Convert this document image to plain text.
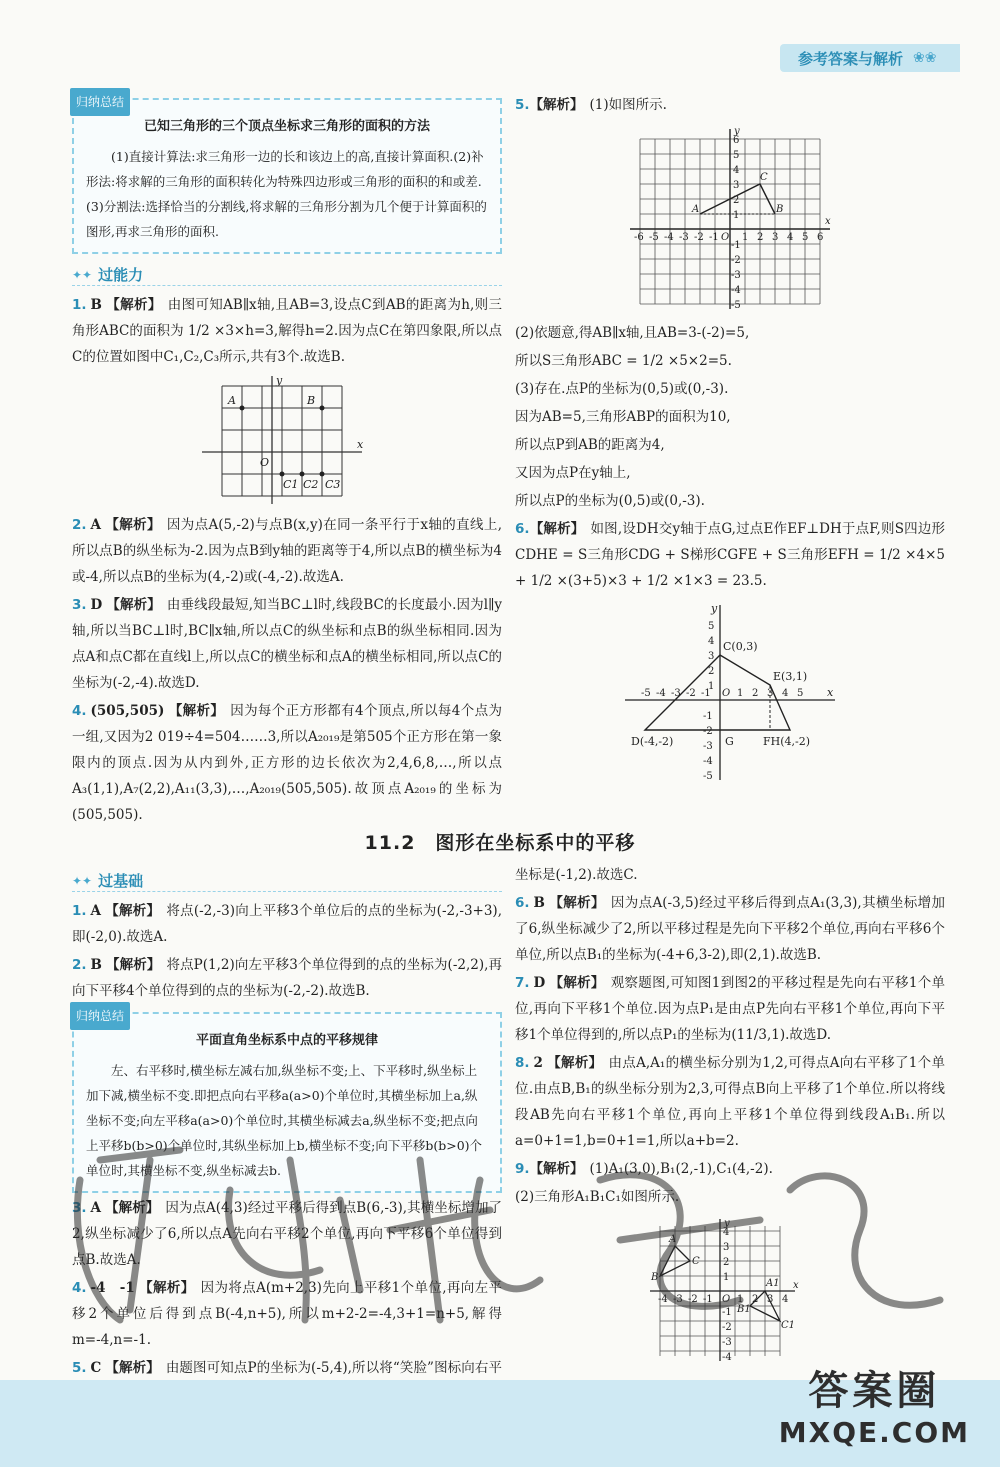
参考答案与解析 ❀❀
归纳总结
已知三角形的三个顶点坐标求三角形的面积的方法
(1)直接计算法:求三角形一边的长和该边上的高,直接计算面积.(2)补形法:将求解的三角形的面积转化为特殊四边形或三角形的面积的和或差.(3)分割法:选择恰当的分割线,将求解的三角形分割为几个便于计算面积的图形,再求三角形的面积.
✦✦ 过能力
1. B 【解析】 由图可知AB∥x轴,且AB=3,设点C到AB的距离为h,则三角形ABC的面积为 1/2 ×3×h=3,解得h=2.因为点C在第四象限,所以点C的位置如图中C₁,C₂,C₃所示,共有3个.故选B.
y
x
O
A	B
C1 C2 C3
2. A 【解析】 因为点A(5,-2)与点B(x,y)在同一条平行于x轴的直线上,所以点B的纵坐标为-2.因为点B到y轴的距离等于4,所以点B的横坐标为4或-4,所以点B的坐标为(4,-2)或(-4,-2).故选A.
3. D 【解析】 由垂线段最短,知当BC⊥l时,线段BC的长度最小.因为l∥y轴,所以当BC⊥l时,BC∥x轴,所以点C的纵坐标和点B的纵坐标相同.因为点A和点C都在直线l上,所以点C的横坐标和点A的横坐标相同,所以点C的坐标为(-2,-4).故选D.
4. (505,505) 【解析】 因为每个正方形都有4个顶点,所以每4个点为一组,又因为2 019÷4=504……3,所以A₂₀₁₉是第505个正方形在第一象限内的顶点.因为从内到外,正方形的边长依次为2,4,6,8,…,所以点A₃(1,1),A₇(2,2),A₁₁(3,3),…,A₂₀₁₉(505,505).故顶点A₂₀₁₉的坐标为(505,505).
5.【解析】 (1)如图所示.
y
x
O
A	B
C
-6 -5 -4 -3 -2 -1 1 2 3 4 5 6
6
5
4
3
2
1
-1
-2
-3
-4
-5
(2)依题意,得AB∥x轴,且AB=3-(-2)=5,
所以S三角形ABC = 1/2 ×5×2=5.
(3)存在.点P的坐标为(0,5)或(0,-3).
因为AB=5,三角形ABP的面积为10,
所以点P到AB的距离为4,
又因为点P在y轴上,
所以点P的坐标为(0,5)或(0,-3).
6.【解析】 如图,设DH交y轴于点G,过点E作EF⊥DH于点F,则S四边形CDHE = S三角形CDG + S梯形CGFE + S三角形EFH = 1/2 ×4×5 + 1/2 ×(3+5)×3 + 1/2 ×1×3 = 23.5.
y
x
C(0,3)
E(3,1)
D(-4,-2)	G	FH(4,-2)
-5 -4 -3 -2 -1 O 1 2 3 4 5
5
4
3
2
1
-1
-2
-3
-4
-5
11.2　图形在坐标系中的平移
✦✦ 过基础
1. A 【解析】 将点(-2,-3)向上平移3个单位后的点的坐标为(-2,-3+3),即(-2,0).故选A.
2. B 【解析】 将点P(1,2)向左平移3个单位得到的点的坐标为(-2,2),再向下平移4个单位得到的点的坐标为(-2,-2).故选B.
归纳总结
平面直角坐标系中点的平移规律
左、右平移时,横坐标左减右加,纵坐标不变;上、下平移时,纵坐标上加下减,横坐标不变.即把点向右平移a(a>0)个单位时,其横坐标加上a,纵坐标不变;向左平移a(a>0)个单位时,其横坐标减去a,纵坐标不变;把点向上平移b(b>0)个单位时,其纵坐标加上b,横坐标不变;向下平移b(b>0)个单位时,其横坐标不变,纵坐标减去b.
3. A 【解析】 因为点A(4,3)经过平移后得到点B(6,-3),其横坐标增加了2,纵坐标减少了6,所以点A先向右平移2个单位,再向下平移6个单位得到点B.故选A.
4. -4　-1 【解析】 因为将点A(m+2,3)先向上平移1个单位,再向左平移2个单位后得到点B(-4,n+5),所以m+2-2=-4,3+1=n+5,解得m=-4,n=-1.
5. C 【解析】 由题图可知点P的坐标为(-5,4),所以将“笑脸”图标向右平
坐标是(-1,2).故选C.
6. B 【解析】 因为点A(-3,5)经过平移后得到点A₁(3,3),其横坐标增加了6,纵坐标减少了2,所以平移过程是先向下平移2个单位,再向右平移6个单位,所以点B₁的坐标为(-4+6,3-2),即(2,1).故选B.
7. D 【解析】 观察题图,可知图1到图2的平移过程是先向右平移1个单位,再向下平移1个单位.因为点P₁是由点P先向右平移1个单位,再向下平移1个单位得到的,所以点P₁的坐标为(11/3,1).故选D.
8. 2 【解析】 由点A,A₁的横坐标分别为1,2,可得点A向右平移了1个单位.由点B,B₁的纵坐标分别为2,3,可得点B向上平移了1个单位.所以将线段AB先向右平移1个单位,再向上平移1个单位得到线段A₁B₁.所以a=0+1=1,b=0+1=1,所以a+b=2.
9.【解析】 (1)A₁(3,0),B₁(2,-1),C₁(4,-2).
(2)三角形A₁B₁C₁如图所示.
y
x
A
B
C
A1
B1
C1
-4 -3 -2 -1 O 1 2 3 4
4
3
2
1
-1
-2
-3
-4
答案圈
MXQE.COM
